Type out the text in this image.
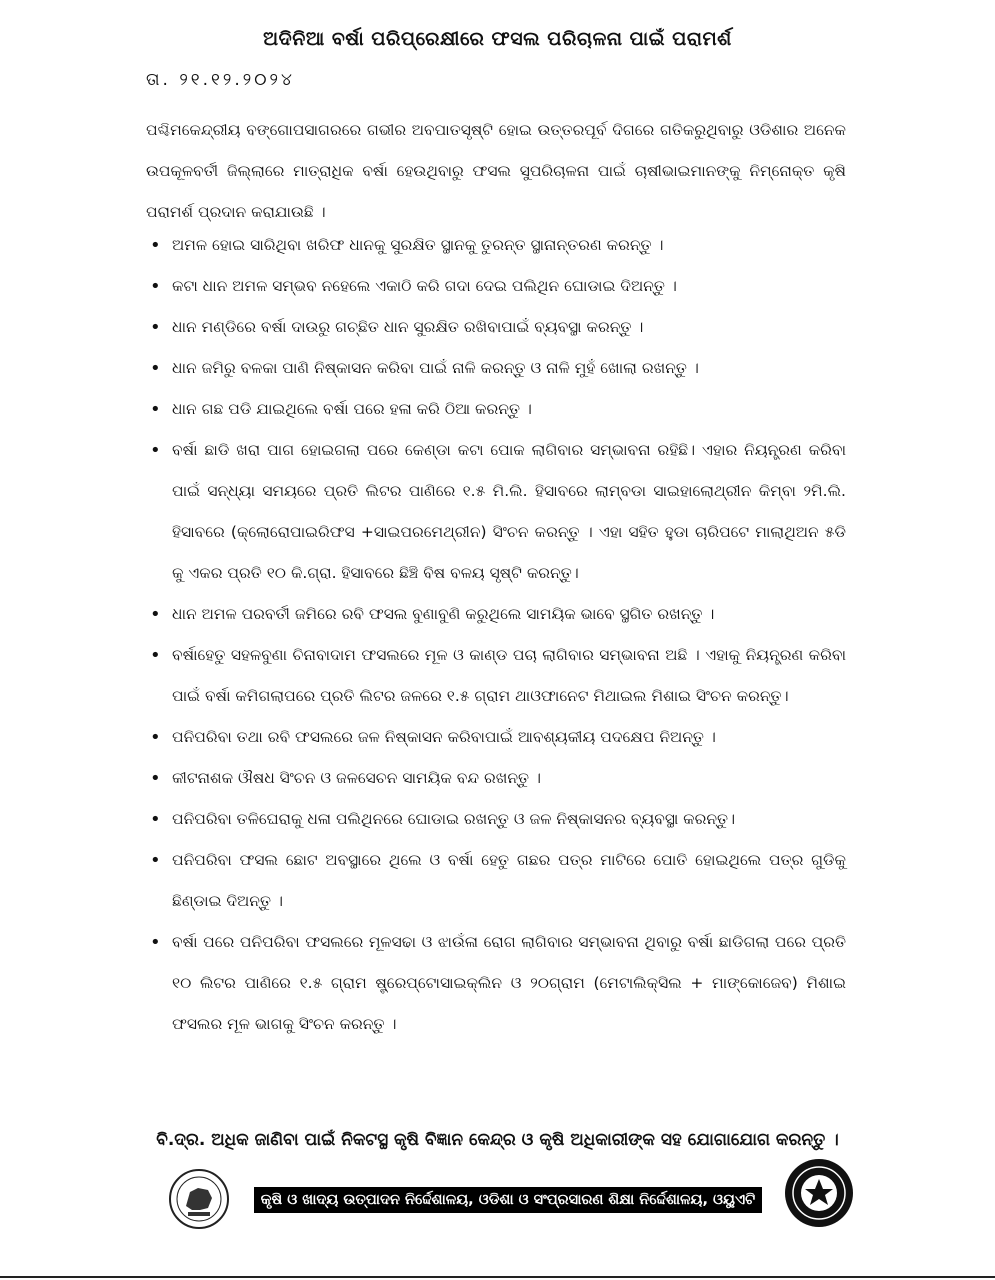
ଅଦିନିଆ ବର୍ଷା ପରିପ୍ରେକ୍ଷୀରେ ଫସଲ ପରିଚାଳନା ପାଇଁ ପରାମର୍ଶ
ତା. ୨୧.୧୨.୨୦୨୪
ପଶ୍ଚିମକେନ୍ଦ୍ରୀୟ ବଙ୍ଗୋପସାଗରରେ ଗଭୀର ଅବପାତସୃଷ୍ଟି ହୋଇ ଉତ୍ତରପୂର୍ବ ଦିଗରେ ଗତିକରୁଥିବାରୁ ଓଡିଶାର ଅନେକ ଉପକୂଳବର୍ତୀ ଜିଲ୍ଲାରେ ମାତ୍ରାଧିକ ବର୍ଷା ହେଉଥିବାରୁ ଫସଲ ସୁପରିଚାଳନା ପାଇଁ ଚାଷୀଭାଇମାନଙ୍କୁ ନିମ୍ନୋକ୍ତ କୃଷି ପରାମର୍ଶ ପ୍ରଦାନ କରାଯାଉଛି ।
• ଅମଳ ହୋଇ ସାରିଥିବା ଖରିଫ ଧାନକୁ ସୁରକ୍ଷିତ ସ୍ଥାନକୁ ତୁରନ୍ତ ସ୍ଥାନାନ୍ତରଣ କରନ୍ତୁ ।
• କଟା ଧାନ ଅମଳ ସମ୍ଭବ ନହେଲେ ଏକାଠି କରି ଗଦା ଦେଇ ପଲିଥିନ ଘୋଡାଇ ଦିଅନ୍ତୁ ।
• ଧାନ ମଣ୍ଡିରେ ବର୍ଷା ଦାଉରୁ ଗଚ୍ଛିତ ଧାନ ସୁରକ୍ଷିତ ରଖିବାପାଇଁ ବ୍ୟବସ୍ଥା କରନ୍ତୁ ।
• ଧାନ ଜମିରୁ ବଳକା ପାଣି ନିଷ୍କାସନ କରିବା ପାଇଁ ନାଳି କରନ୍ତୁ ଓ ନାଳି ମୁହଁ ଖୋଲା ରଖନ୍ତୁ ।
• ଧାନ ଗଛ ପଡି ଯାଇଥିଲେ ବର୍ଷା ପରେ ହଳା କରି ଠିଆ କରନ୍ତୁ ।
• ବର୍ଷା ଛାଡି ଖରା ପାଗ ହୋଇଗଲା ପରେ କେଣ୍ଡା କଟା ପୋକ ଲାଗିବାର ସମ୍ଭାବନା ରହିଛି। ଏହାର ନିୟନ୍ତ୍ରଣ କରିବା ପାଇଁ ସନ୍ଧ୍ୟା ସମୟରେ ପ୍ରତି ଲିଟର ପାଣିରେ ୧.୫ ମି.ଲି. ହିସାବରେ ଲାମ୍ବଡା ସାଇହାଲୋଥ୍ରୀନ କିମ୍ବା ୨ମି.ଲି. ହିସାବରେ (କ୍ଲୋରୋପାଇରିଫସ +ସାଇପରମେଥ୍ରୀନ) ସିଂଚନ କରନ୍ତୁ । ଏହା ସହିତ ହୁଡା ଚାରିପଟେ ମାଲାଥିଅନ ୫ଡି କୁ ଏକର ପ୍ରତି ୧୦ କି.ଗ୍ରା. ହିସାବରେ ଛିଞ୍ଚି ବିଷ ବଳୟ ସୃଷ୍ଟି କରନ୍ତୁ।
• ଧାନ ଅମଳ ପରବର୍ତୀ ଜମିରେ ରବି ଫସଲ ବୁଣାବୁଣି କରୁଥିଲେ ସାମୟିକ ଭାବେ ସ୍ଥଗିତ ରଖନ୍ତୁ ।
• ବର୍ଷାହେତୁ ସହଳବୁଣା ଚିନାବାଦାମ ଫସଲରେ ମୂଳ ଓ କାଣ୍ଡ ପଚା ଲାଗିବାର ସମ୍ଭାବନା ଅଛି । ଏହାକୁ ନିୟନ୍ତ୍ରଣ କରିବା ପାଇଁ ବର୍ଷା କମିଗଲାପରେ ପ୍ରତି ଲିଟର ଜଳରେ ୧.୫ ଗ୍ରାମ ଥାଓଫାନେଟ ମିଥାଇଲ ମିଶାଇ ସିଂଚନ କରନ୍ତୁ।
• ପନିପରିବା ତଥା ରବି ଫସଲରେ ଜଳ ନିଷ୍କାସନ କରିବାପାଇଁ ଆବଶ୍ୟକୀୟ ପଦକ୍ଷେପ ନିଅନ୍ତୁ ।
• କୀଟନାଶକ ଔଷଧ ସିଂଚନ ଓ ଜଳସେଚନ ସାମୟିକ ବନ୍ଦ ରଖନ୍ତୁ ।
• ପନିପରିବା ତଳିଘେରାକୁ ଧଳା ପଲିଥିନରେ ଘୋଡାଇ ରଖନ୍ତୁ ଓ ଜଳ ନିଷ୍କାସନର ବ୍ୟବସ୍ଥା କରନ୍ତୁ।
• ପନିପରିବା ଫସଲ ଛୋଟ ଅବସ୍ଥାରେ ଥିଲେ ଓ ବର୍ଷା ହେତୁ ଗଛର ପତ୍ର ମାଟିରେ ପୋତି ହୋଇଥିଲେ ପତ୍ର ଗୁଡିକୁ ଛିଣ୍ଡାଇ ଦିଅନ୍ତୁ ।
• ବର୍ଷା ପରେ ପନିପରିବା ଫସଲରେ ମୂଳସଢା ଓ ଝାଉଁଳା ରୋଗ ଲାଗିବାର ସମ୍ଭାବନା ଥିବାରୁ ବର୍ଷା ଛାଡିଗଲା ପରେ ପ୍ରତି ୧୦ ଲିଟର ପାଣିରେ ୧.୫ ଗ୍ରାମ ଷ୍ଟ୍ରେପ୍ଟୋସାଇକ୍ଲିନ ଓ ୨୦ଗ୍ରାମ (ମେଟାଲିକ୍ସିଲ + ମାଙ୍କୋଜେବ) ମିଶାଇ ଫସଲର ମୂଳ ଭାଗକୁ ସିଂଚନ କରନ୍ତୁ ।
ବି.ଦ୍ର. ଅଧିକ ଜାଣିବା ପାଇଁ ନିକଟସ୍ଥ କୃଷି ବିଜ୍ଞାନ କେନ୍ଦ୍ର ଓ କୃଷି ଅଧିକାରୀଙ୍କ ସହ ଯୋଗାଯୋଗ କରନ୍ତୁ ।
କୃଷି ଓ ଖାଦ୍ୟ ଉତ୍ପାଦନ ନିର୍ଦ୍ଦେଶାଳୟ, ଓଡିଶା ଓ ସଂପ୍ରସାରଣ ଶିକ୍ଷା ନିର୍ଦ୍ଦେଶାଳୟ, ଓୟୁଏଟି
